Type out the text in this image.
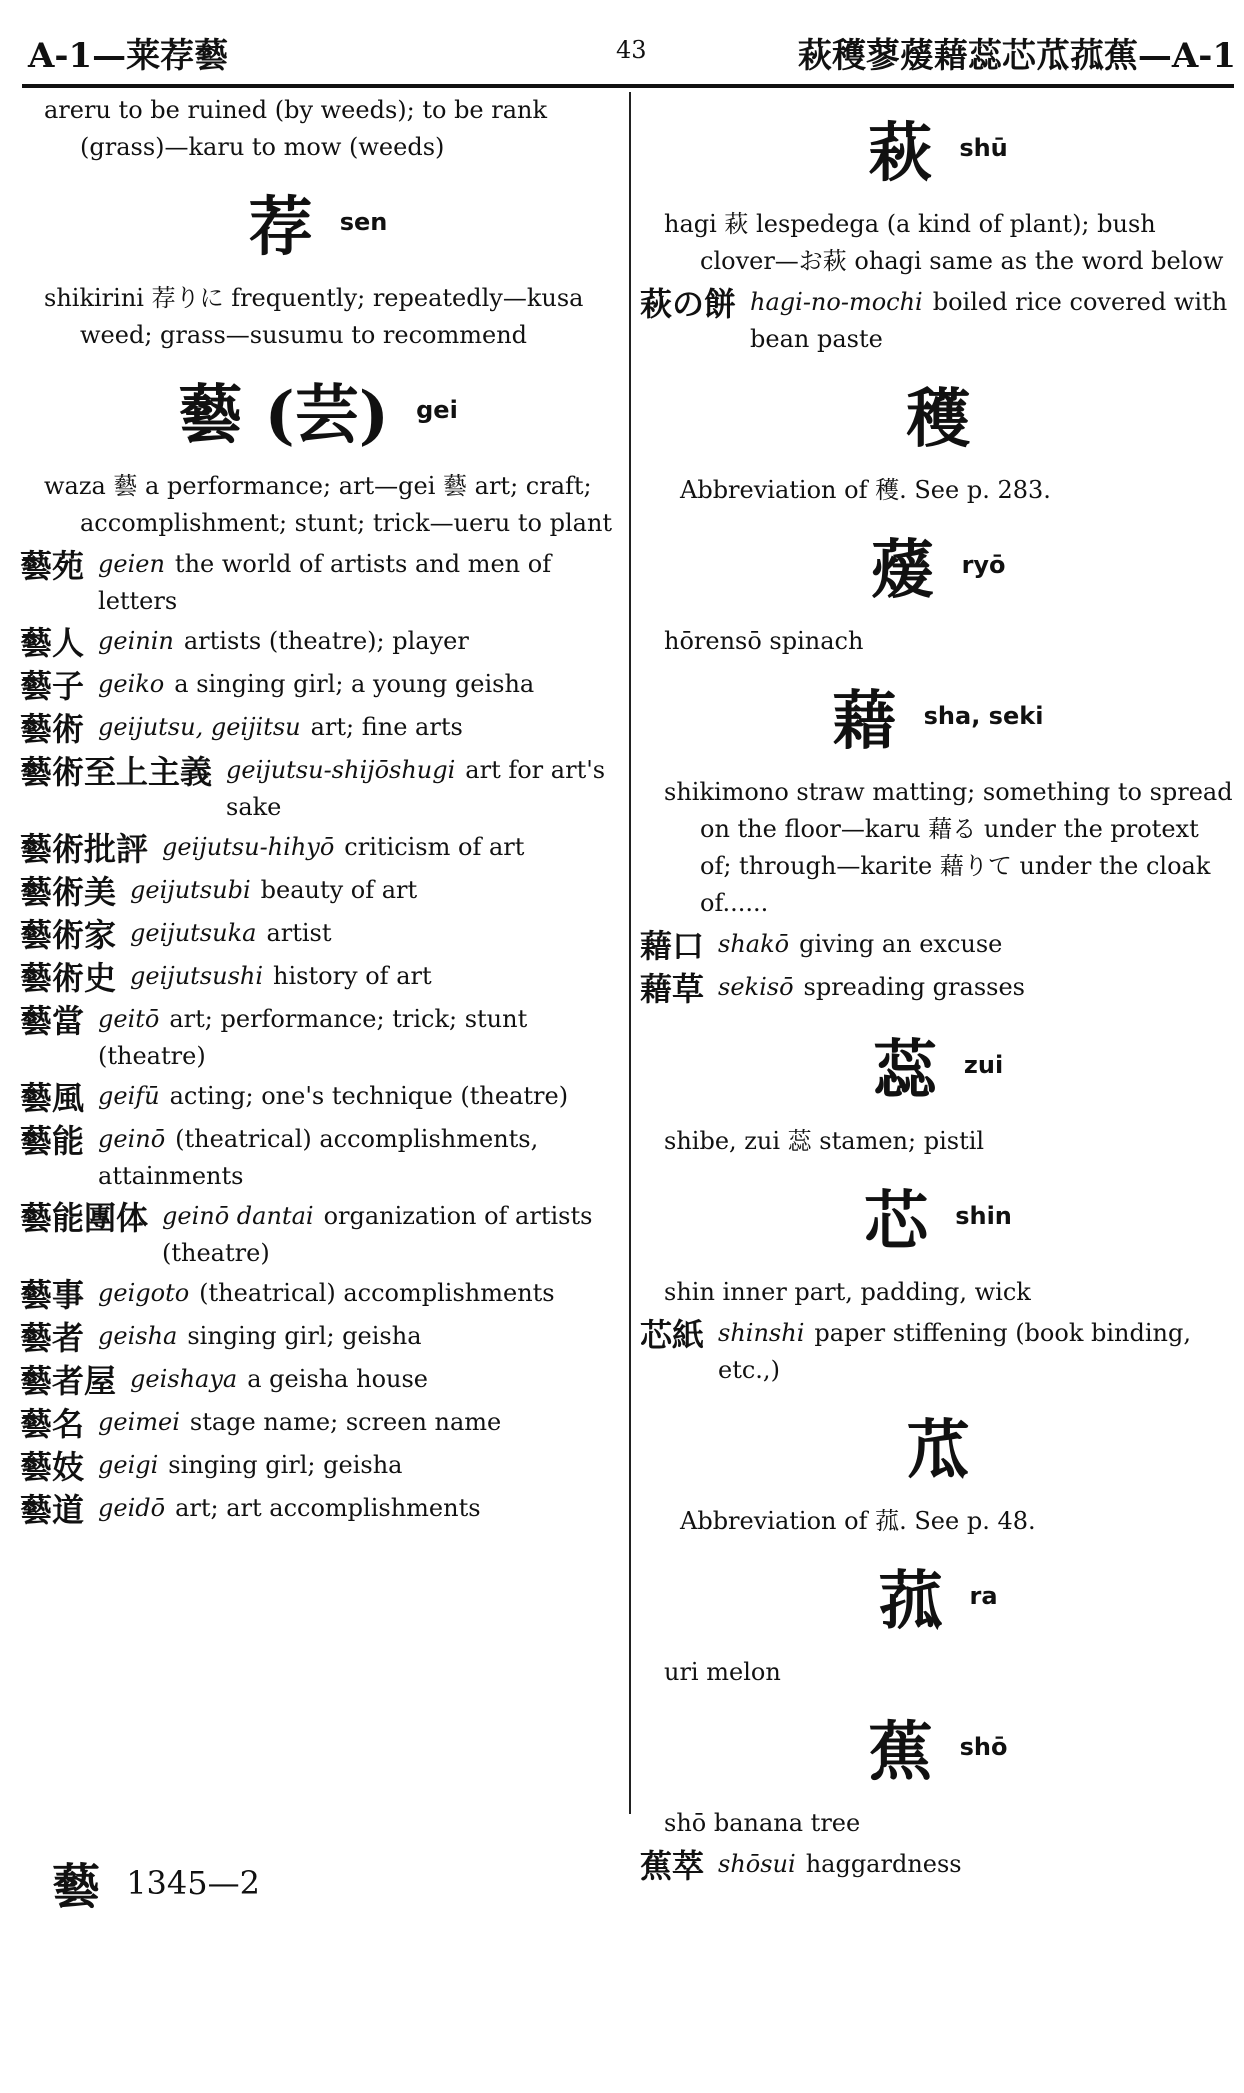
A-1—莱荐藝	43	萩穫蓼蕿藉蕊芯苽菰蕉—A-1

areru to be ruined (by weeds); to be rank (grass)—karu to mow (weeds)

荐 sen

shikirini 荐りに frequently; repeatedly—kusa weed; grass—susumu to recommend

藝 (芸) gei

waza 藝 a performance; art—gei 藝 art; craft; accomplishment; stunt; trick—ueru to plant

藝苑 geien the world of artists and men of letters
藝人 geinin artists (theatre); player
藝子 geiko a singing girl; a young geisha
藝術 geijutsu, geijitsu art; fine arts
藝術至上主義 geijutsu-shijōshugi art for art's sake
藝術批評 geijutsu-hihyō criticism of art
藝術美 geijutsubi beauty of art
藝術家 geijutsuka artist
藝術史 geijutsushi history of art
藝當 geitō art; performance; trick; stunt (theatre)
藝風 geifū acting; one's technique (theatre)
藝能 geinō (theatrical) accomplishments, attainments
藝能團体 geinō dantai organization of artists (theatre)
藝事 geigoto (theatrical) accomplishments
藝者 geisha singing girl; geisha
藝者屋 geishaya a geisha house
藝名 geimei stage name; screen name
藝妓 geigi singing girl; geisha
藝道 geidō art; art accomplishments
萩 shū

hagi 萩 lespedega (a kind of plant); bush clover—お萩 ohagi same as the word below

萩の餅 hagi-no-mochi boiled rice covered with bean paste
穫

Abbreviation of 穫. See p. 283.

蕿 ryō

hōrensō spinach

藉 sha, seki

shikimono straw matting; something to spread on the floor—karu 藉る under the protext of; through—karite 藉りて under the cloak of......

藉口 shakō giving an excuse
藉草 sekisō spreading grasses
蕊 zui

shibe, zui 蕊 stamen; pistil

芯 shin

shin inner part, padding, wick

芯紙 shinshi paper stiffening (book binding, etc.,)
苽

Abbreviation of 菰. See p. 48.

菰 ra

uri melon

蕉 shō

shō banana tree

蕉萃 shōsui haggardness
藝 1345—2
